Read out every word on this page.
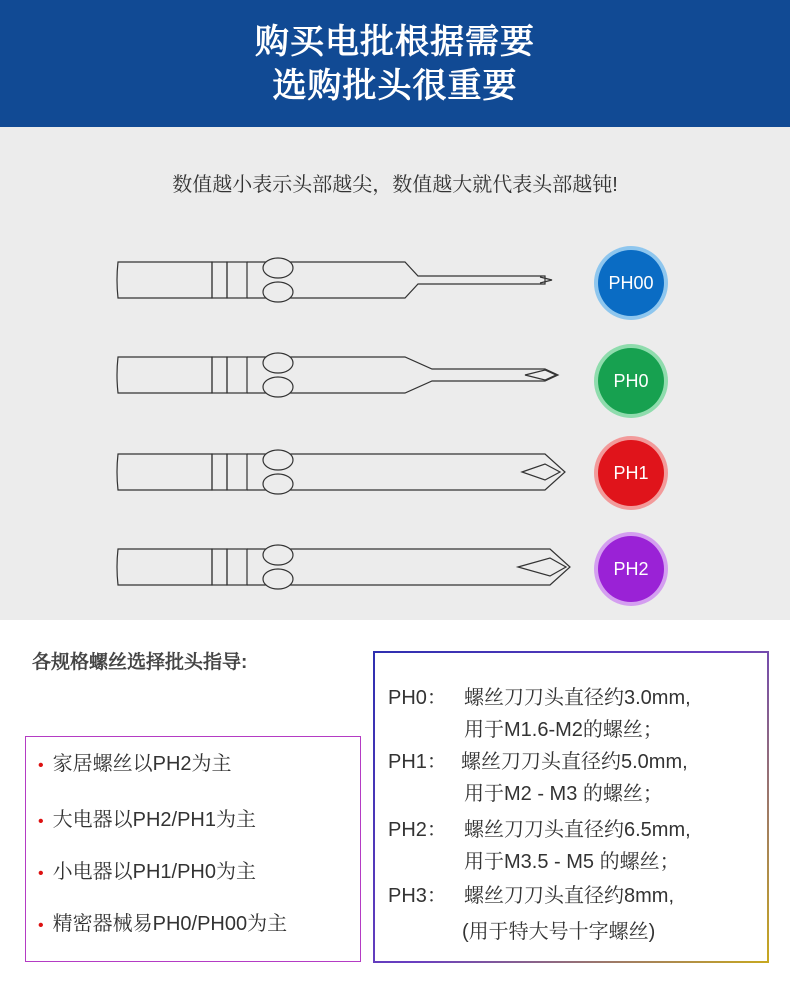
购买电批根据需要
选购批头很重要
数值越小表示头部越尖，数值越大就代表头部越钝!
PH00
PH0
PH1
PH2
各规格螺丝选择批头指导:
• 家居螺丝以PH2为主
• 大电器以PH2/PH1为主
• 小电器以PH1/PH0为主
• 精密器械易PH0/PH00为主
PH0： 螺丝刀刀头直径约3.0mm,
用于M1.6-M2的螺丝；
PH1： 螺丝刀刀头直径约5.0mm,
用于M2 - M3 的螺丝；
PH2： 螺丝刀刀头直径约6.5mm,
用于M3.5 - M5 的螺丝；
PH3： 螺丝刀刀头直径约8mm,
(用于特大号十字螺丝)
